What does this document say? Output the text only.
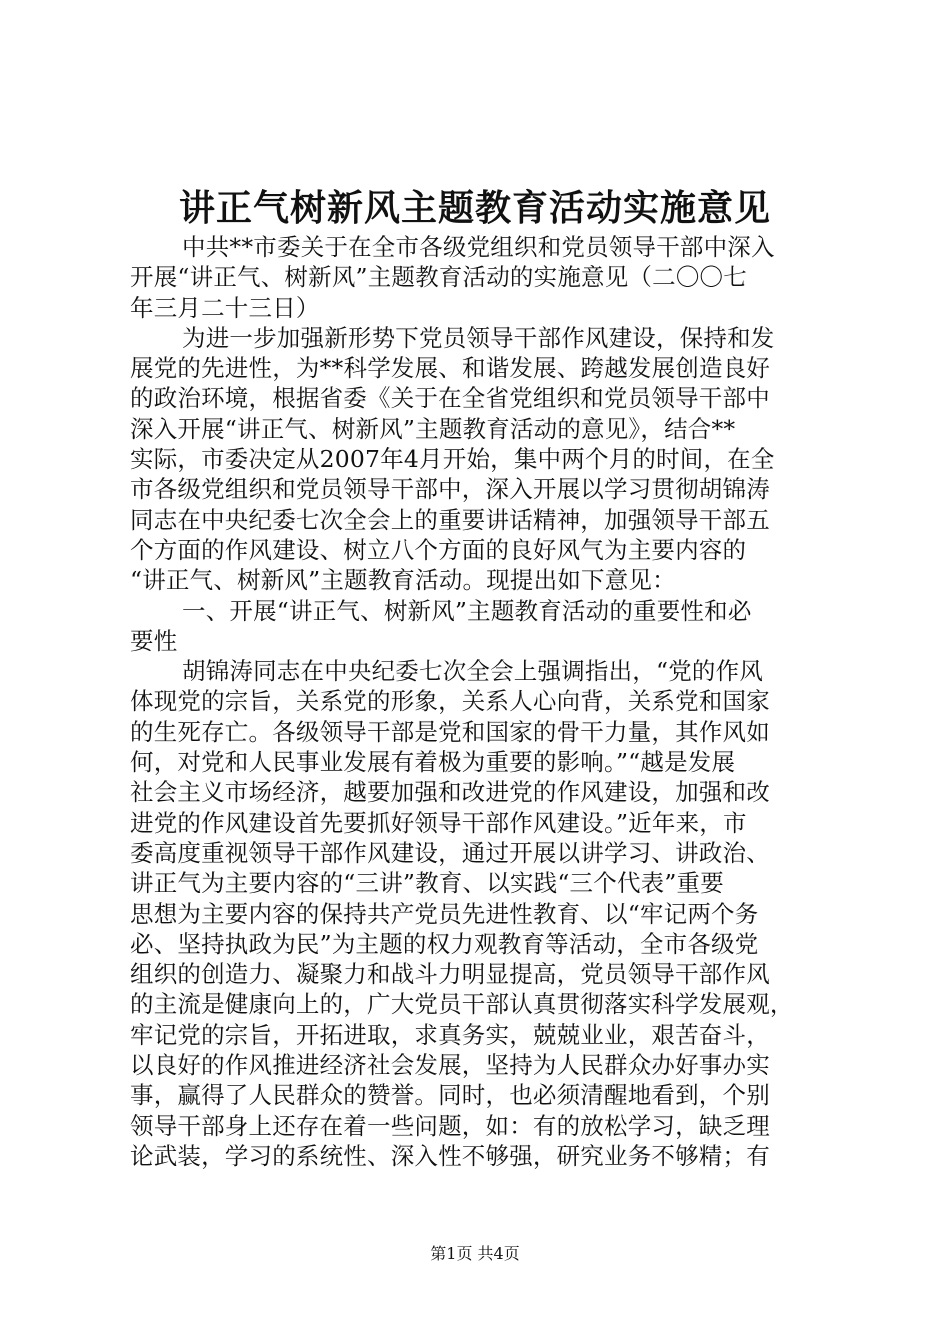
讲正气树新风主题教育活动实施意见
中共**市委关于在全市各级党组织和党员领导干部中深入
开展“讲正气、树新风”主题教育活动的实施意见（二〇〇七
年三月二十三日）
为进一步加强新形势下党员领导干部作风建设，保持和发
展党的先进性，为**科学发展、和谐发展、跨越发展创造良好
的政治环境，根据省委《关于在全省党组织和党员领导干部中
深入开展“讲正气、树新风”主题教育活动的意见》，结合**
实际，市委决定从2007年4月开始，集中两个月的时间，在全
市各级党组织和党员领导干部中，深入开展以学习贯彻胡锦涛
同志在中央纪委七次全会上的重要讲话精神，加强领导干部五
个方面的作风建设、树立八个方面的良好风气为主要内容的
“讲正气、树新风”主题教育活动。现提出如下意见：
一、开展“讲正气、树新风”主题教育活动的重要性和必
要性
胡锦涛同志在中央纪委七次全会上强调指出，“党的作风
体现党的宗旨，关系党的形象，关系人心向背，关系党和国家
的生死存亡。各级领导干部是党和国家的骨干力量，其作风如
何，对党和人民事业发展有着极为重要的影响。”“越是发展
社会主义市场经济，越要加强和改进党的作风建设，加强和改
进党的作风建设首先要抓好领导干部作风建设。”近年来，市
委高度重视领导干部作风建设，通过开展以讲学习、讲政治、
讲正气为主要内容的“三讲”教育、以实践“三个代表”重要
思想为主要内容的保持共产党员先进性教育、以“牢记两个务
必、坚持执政为民”为主题的权力观教育等活动，全市各级党
组织的创造力、凝聚力和战斗力明显提高，党员领导干部作风
的主流是健康向上的，广大党员干部认真贯彻落实科学发展观，
牢记党的宗旨，开拓进取，求真务实，兢兢业业，艰苦奋斗，
以良好的作风推进经济社会发展，坚持为人民群众办好事办实
事，赢得了人民群众的赞誉。同时，也必须清醒地看到，个别
领导干部身上还存在着一些问题，如：有的放松学习，缺乏理
论武装，学习的系统性、深入性不够强，研究业务不够精；有
第1页 共4页
